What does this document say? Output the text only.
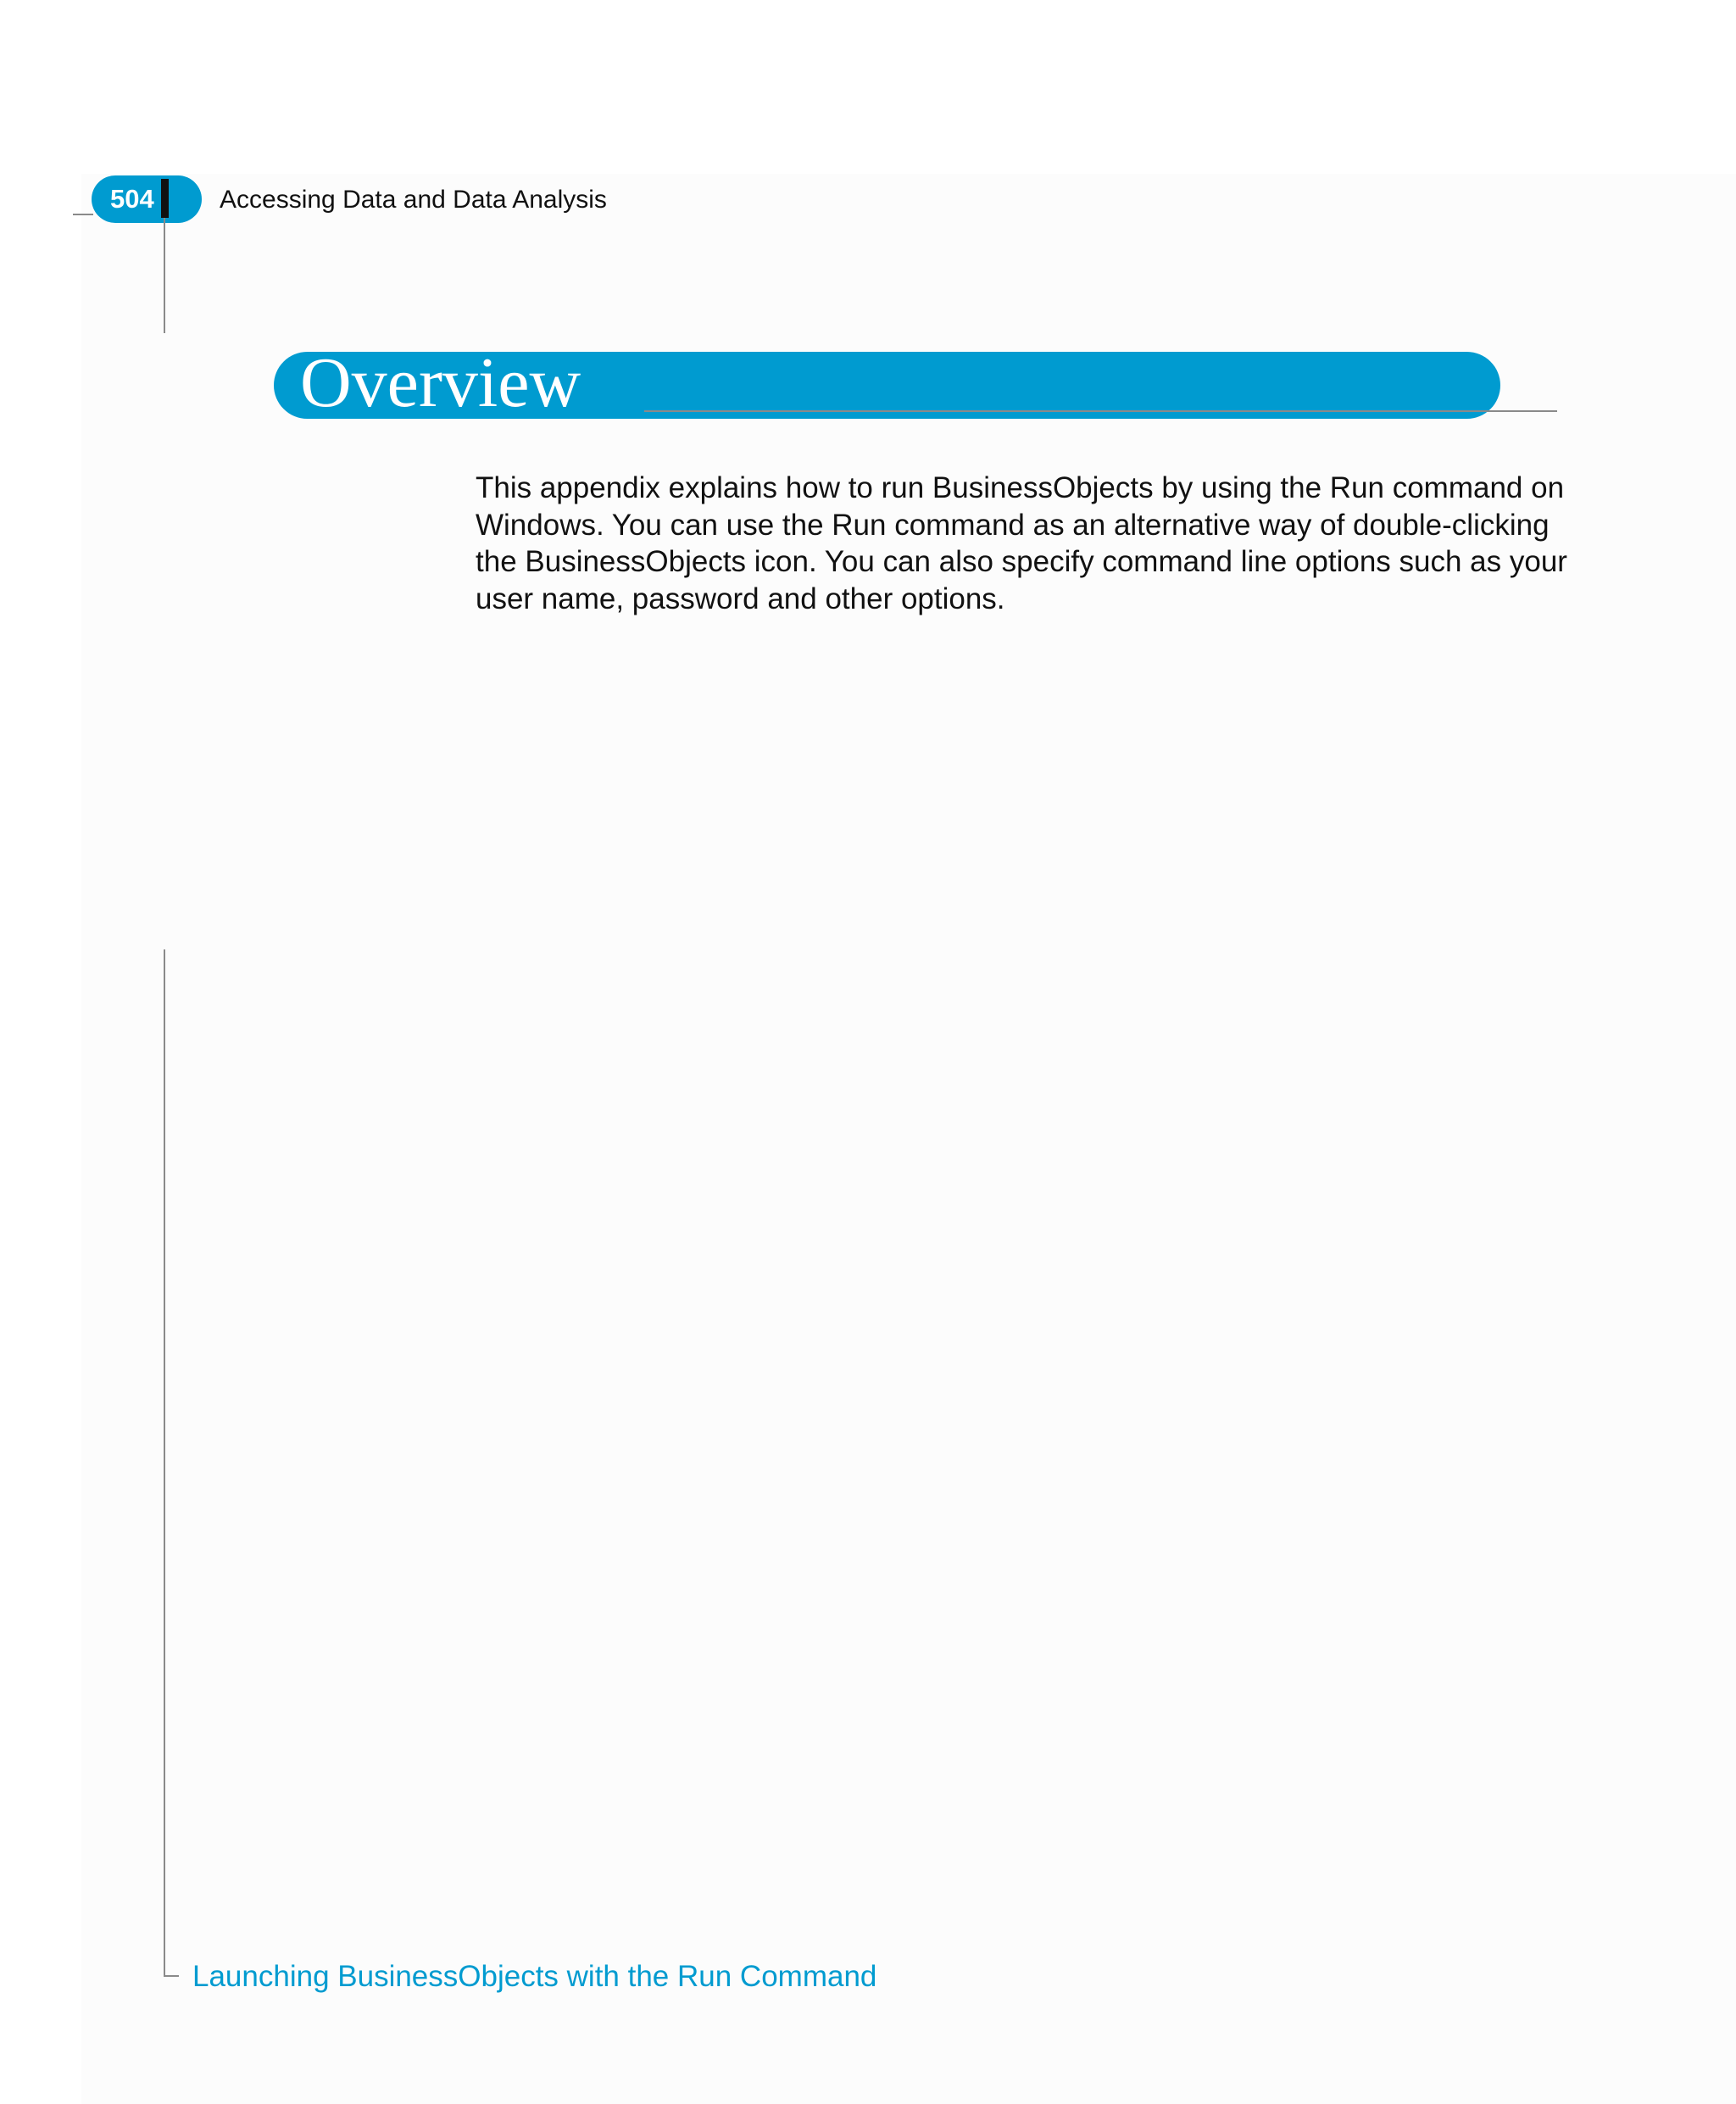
504	Accessing Data and Data Analysis
Overview

This appendix explains how to run BusinessObjects by using the Run command on Windows. You can use the Run command as an alternative way of double-clicking the BusinessObjects icon. You can also specify command line options such as your user name, password and other options.

Launching BusinessObjects with the Run Command
